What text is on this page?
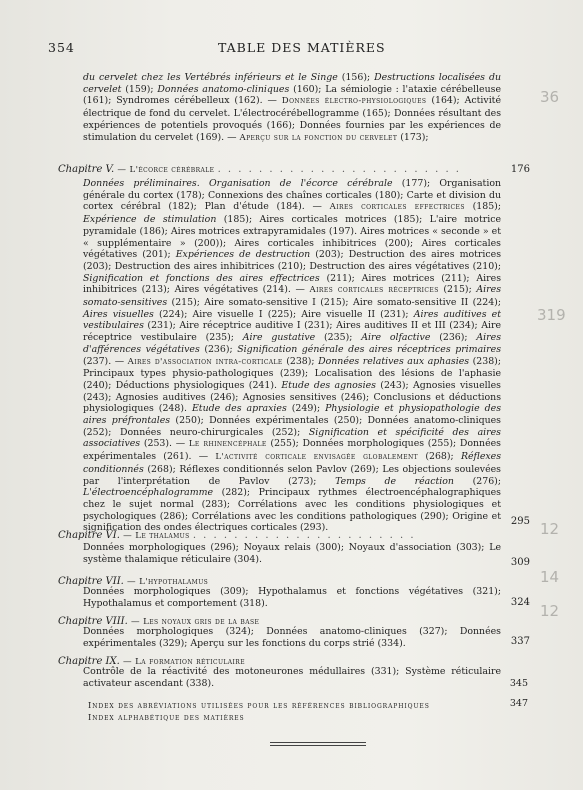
354	TABLE DES MATIÈRES
du cervelet chez les Vertébrés inférieurs et le Singe (156); Destructions localisées du cervelet (159); Données anatomo-cliniques (160); La sémiologie : l'ataxie cérébelleuse (161); Syndromes cérébelleux (162). — Données électro-physiologiques (164); Activité électrique de fond du cervelet. L'électrocérébellogramme (165); Données résultant des expériences de potentiels provoqués (166); Données fournies par les expériences de stimulation du cervelet (169). — Aperçu sur la fonction du cervelet (173);
Chapitre V. — L'écorce cérébrale . . . . . . . . . . . . . . . . . . . . . . . .	176
Données préliminaires. Organisation de l'écorce cérébrale (177); Organisation générale du cortex (178); Connexions des chaînes corticales (180); Carte et division du cortex cérébral (182); Plan d'étude (184). — Aires corticales effectrices (185); Expérience de stimulation (185); Aires corticales motrices (185); L'aire motrice pyramidale (186); Aires motrices extrapyramidales (197). Aires motrices « seconde » et « supplémentaire » (200)); Aires corticales inhibitrices (200); Aires corticales végétatives (201); Expériences de destruction (203); Destruction des aires motrices (203); Destruction des aires inhibitrices (210); Destruction des aires végétatives (210); Signification et fonctions des aires effectrices (211); Aires motrices (211); Aires inhibitrices (213); Aires végétatives (214). — Aires corticales réceptrices (215); Aires somato-sensitives (215); Aire somato-sensitive I (215); Aire somato-sensitive II (224); Aires visuelles (224); Aire visuelle I (225); Aire visuelle II (231); Aires auditives et vestibulaires (231); Aire réceptrice auditive I (231); Aires auditives II et III (234); Aire réceptrice vestibulaire (235); Aire gustative (235); Aire olfactive (236); Aires d'afférences végétatives (236); Signification générale des aires réceptrices primaires (237). — Aires d'association intra-corticale (238); Données relatives aux aphasies (238); Principaux types physio-pathologiques (239); Localisation des lésions de l'aphasie (240); Déductions physiologiques (241). Etude des agnosies (243); Agnosies visuelles (243); Agnosies auditives (246); Agnosies sensitives (246); Conclusions et déductions physiologiques (248). Etude des apraxies (249); Physiologie et physiopathologie des aires préfrontales (250); Données expérimentales (250); Données anatomo-cliniques (252); Données neuro-chirurgicales (252); Signification et spécificité des aires associatives (253). — Le rhinencéphale (255); Données morphologiques (255); Données expérimentales (261). — L'activité corticale envisagée globalement (268); Réflexes conditionnés (268); Réflexes conditionnés selon Pavlov (269); Les objections soulevées par l'interprétation de Pavlov (273); Temps de réaction (276); L'électroencéphalogramme (282); Principaux rythmes électroencéphalographiques chez le sujet normal (283); Corrélations avec les conditions physiologiques et psychologiques (286); Corrélations avec les conditions pathologiques (290); Origine et signification des ondes électriques corticales (293).
Chapitre VI. — Le thalamus . . . . . . . . . . . . . . . . . . . . . .
Données morphologiques (296); Noyaux relais (300); Noyaux d'association (303); Le système thalamique réticulaire (304).
295
Chapitre VII. — L'hypothalamus
Données morphologiques (309); Hypothalamus et fonctions végétatives (321); Hypothalamus et comportement (318).
309
Chapitre VIII. — Les noyaux gris de la base
Données morphologiques (324); Données anatomo-cliniques (327); Données expérimentales (329); Aperçu sur les fonctions du corps strié (334).
324
Chapitre IX. — La formation réticulaire
Contrôle de la réactivité des motoneurones médullaires (331); Système réticulaire activateur ascendant (338).
337
Index des abréviations utilisées pour les références bibliographiques
345
Index alphabétique des matières
347
36
319
12
14
12
